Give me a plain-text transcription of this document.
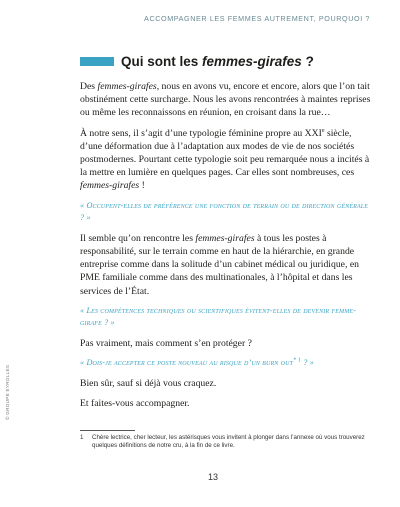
ACCOMPAGNER LES FEMMES AUTREMENT, POURQUOI ?
© GROUPE EYROLLES
Qui sont les femmes-girafes ?

Des femmes-girafes, nous en avons vu, encore et encore, alors que l’on tait obstinément cette surcharge. Nous les avons rencontrées à maintes reprises ou même les reconnaissons en réunion, en croisant dans la rue…

À notre sens, il s’agit d’une typologie féminine propre au XXIe siècle, d’une déformation due à l’adaptation aux modes de vie de nos sociétés postmodernes. Pourtant cette typologie soit peu remarquée nous a incités à la mettre en lumière en quelques pages. Car elles sont nombreuses, ces femmes-girafes !

« Occupent-elles de préférence une fonction de terrain ou de direction générale ? »

Il semble qu’on rencontre les femmes-girafes à tous les postes à responsabilité, sur le terrain comme en haut de la hiérarchie, en grande entreprise comme dans la solitude d’un cabinet médical ou juridique, en PME familiale comme dans des multinationales, à l’hôpital et dans les services de l’État.

« Les compétences techniques ou scientifiques évitent-elles de devenir femme-girafe ? »

Pas vraiment, mais comment s’en protéger ?

« Dois-je accepter ce poste nouveau au risque d’un burn out$^{* 1}$ ? »

Bien sûr, sauf si déjà vous craquez.

Et faites-vous accompagner.

1	Chère lectrice, cher lecteur, les astérisques vous invitent à plonger dans l’annexe où vous trouverez quelques définitions de notre cru, à la fin de ce livre.
13
